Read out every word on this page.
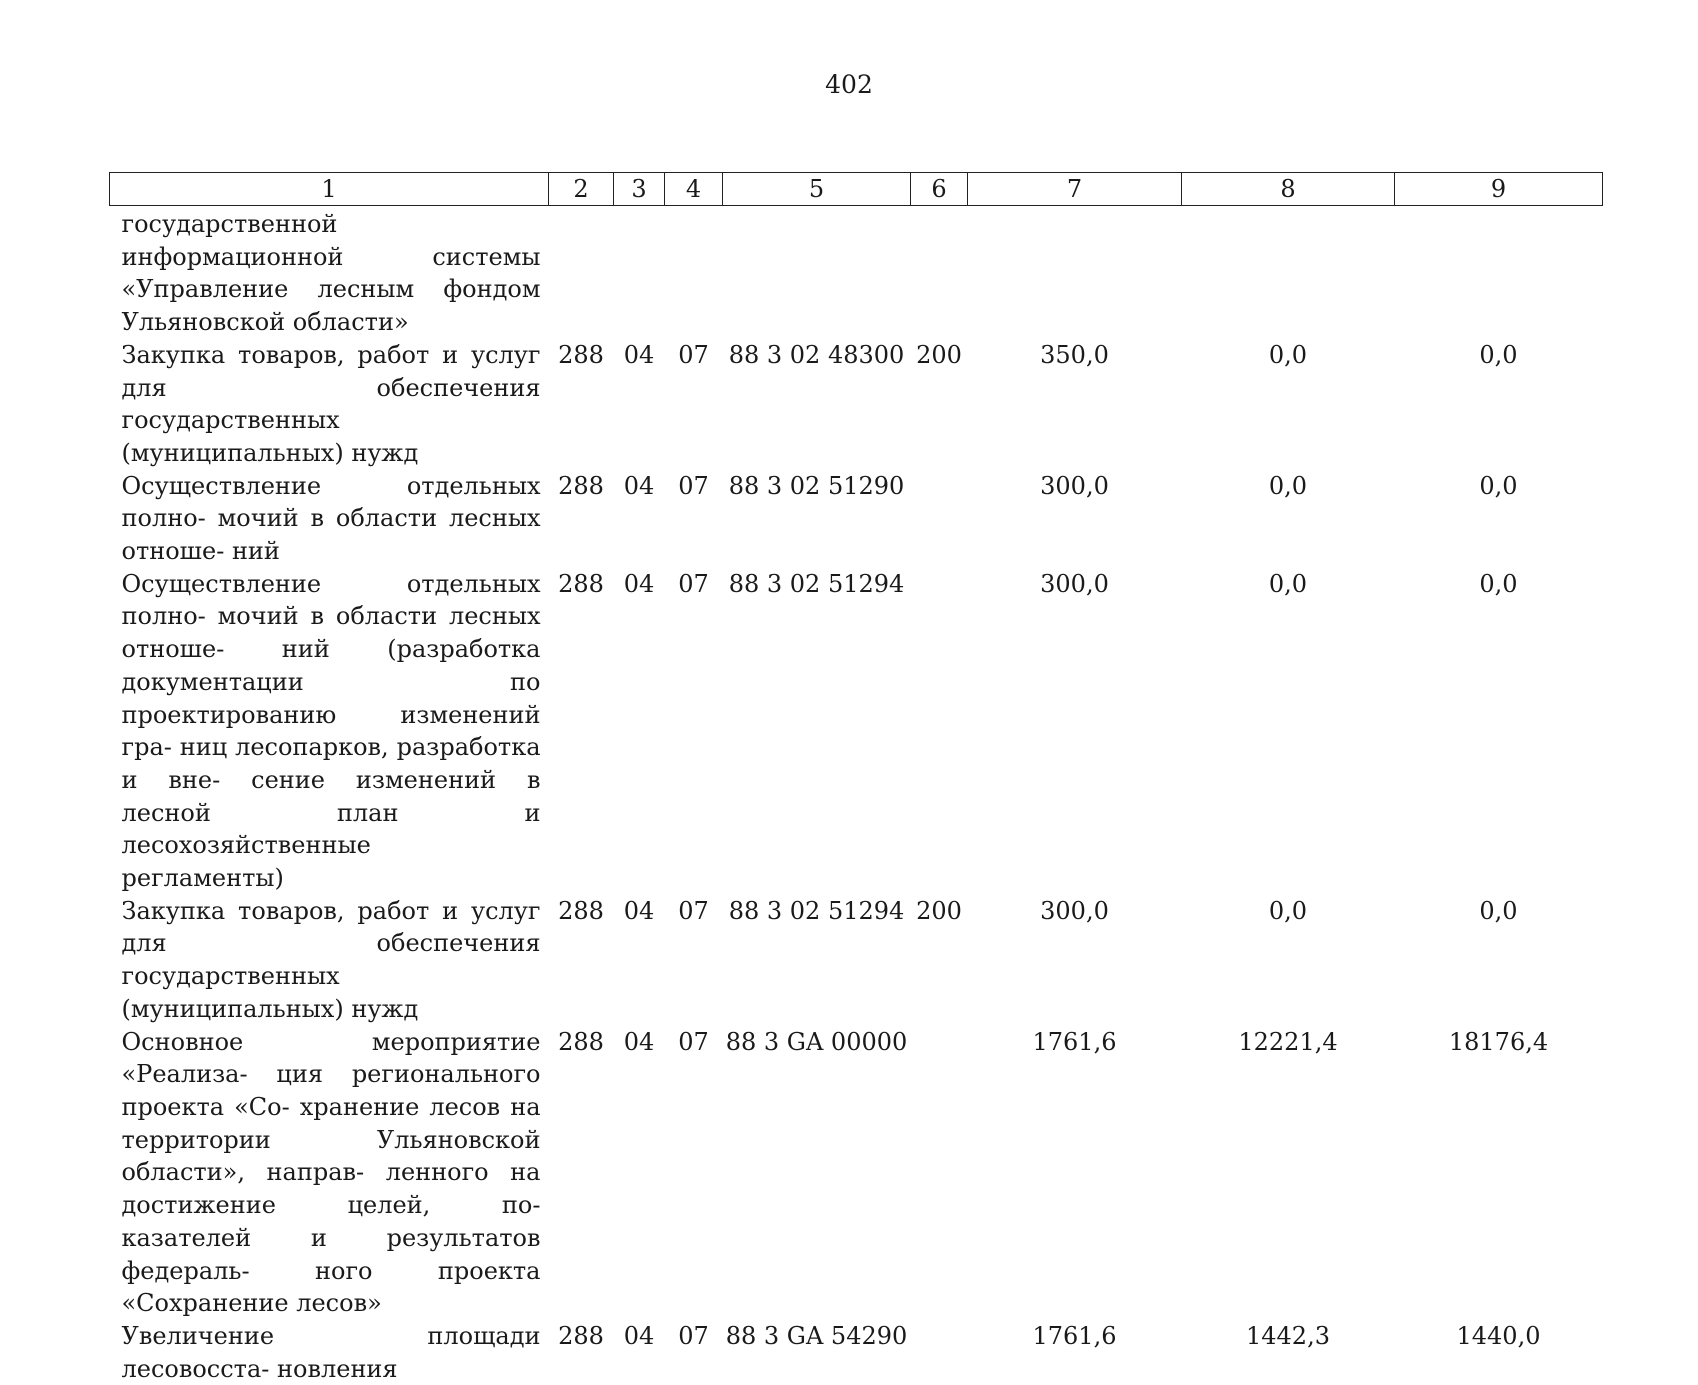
402
1	2	3	4	5	6	7	8	9
государственной информационной системы «Управление лесным фондом Ульяновской области»								
Закупка товаров, работ и услуг для обеспечения государственных (муниципальных) нужд	288	04	07	88 3 02 48300	200	350,0	0,0	0,0
Осуществление отдельных полно- мочий в области лесных отноше- ний	288	04	07	88 3 02 51290		300,0	0,0	0,0
Осуществление отдельных полно- мочий в области лесных отноше- ний (разработка документации по проектированию изменений гра- ниц лесопарков, разработка и вне- сение изменений в лесной план и лесохозяйственные регламенты)	288	04	07	88 3 02 51294		300,0	0,0	0,0
Закупка товаров, работ и услуг для обеспечения государственных (муниципальных) нужд	288	04	07	88 3 02 51294	200	300,0	0,0	0,0
Основное мероприятие «Реализа- ция регионального проекта «Со- хранение лесов на территории Ульяновской области», направ- ленного на достижение целей, по- казателей и результатов федераль- ного проекта «Сохранение лесов»	288	04	07	88 3 GA 00000		1761,6	12221,4	18176,4
Увеличение площади лесовосста- новления	288	04	07	88 3 GA 54290		1761,6	1442,3	1440,0
